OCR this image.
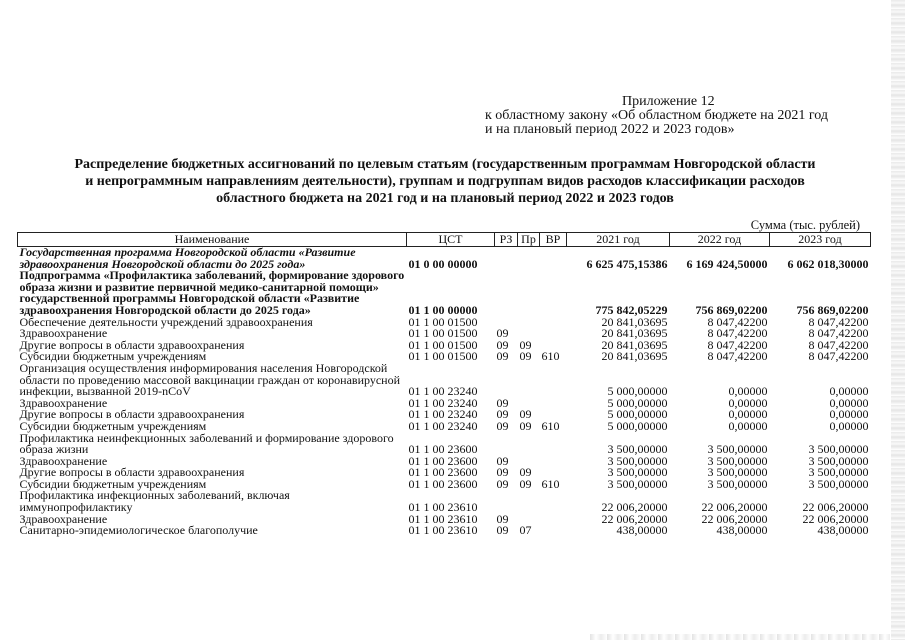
Приложение 12
к областному закону «Об областном бюджете на 2021 год
и на плановый период 2022 и 2023 годов»
Распределение бюджетных ассигнований по целевым статьям (государственным программам Новгородской области
и непрограммным направлениям деятельности), группам и подгруппам видов расходов классификации расходов
областного бюджета на 2021 год и на плановый период 2022 и 2023 годов
Сумма (тыс. рублей)
Наименование	ЦСТ	РЗ	Пр	ВР	2021 год	2022 год	2023 год
Государственная программа Новгородской области «Развитие здравоохранения Новгородской области до 2025 года»	01 0 00 00000				6 625 475,15386	6 169 424,50000	6 062 018,30000
Подпрограмма «Профилактика заболеваний, формирование здорового образа жизни и развитие первичной медико-санитарной помощи» государственной программы Новгородской области «Развитие здравоохранения Новгородской области до 2025 года»	01 1 00 00000				775 842,05229	756 869,02200	756 869,02200
Обеспечение деятельности учреждений здравоохранения	01 1 00 01500				20 841,03695	8 047,42200	8 047,42200
Здравоохранение	01 1 00 01500	09			20 841,03695	8 047,42200	8 047,42200
Другие вопросы в области здравоохранения	01 1 00 01500	09	09		20 841,03695	8 047,42200	8 047,42200
Субсидии бюджетным учреждениям	01 1 00 01500	09	09	610	20 841,03695	8 047,42200	8 047,42200
Организация осуществления информирования населения Новгородской области по проведению массовой вакцинации граждан от коронавирусной инфекции, вызванной 2019-nCoV	01 1 00 23240				5 000,00000	0,00000	0,00000
Здравоохранение	01 1 00 23240	09			5 000,00000	0,00000	0,00000
Другие вопросы в области здравоохранения	01 1 00 23240	09	09		5 000,00000	0,00000	0,00000
Субсидии бюджетным учреждениям	01 1 00 23240	09	09	610	5 000,00000	0,00000	0,00000
Профилактика неинфекционных заболеваний и формирование здорового образа жизни	01 1 00 23600				3 500,00000	3 500,00000	3 500,00000
Здравоохранение	01 1 00 23600	09			3 500,00000	3 500,00000	3 500,00000
Другие вопросы в области здравоохранения	01 1 00 23600	09	09		3 500,00000	3 500,00000	3 500,00000
Субсидии бюджетным учреждениям	01 1 00 23600	09	09	610	3 500,00000	3 500,00000	3 500,00000
Профилактика инфекционных заболеваний, включая иммунопрофилактику	01 1 00 23610				22 006,20000	22 006,20000	22 006,20000
Здравоохранение	01 1 00 23610	09			22 006,20000	22 006,20000	22 006,20000
Санитарно-эпидемиологическое благополучие	01 1 00 23610	09	07		438,00000	438,00000	438,00000
